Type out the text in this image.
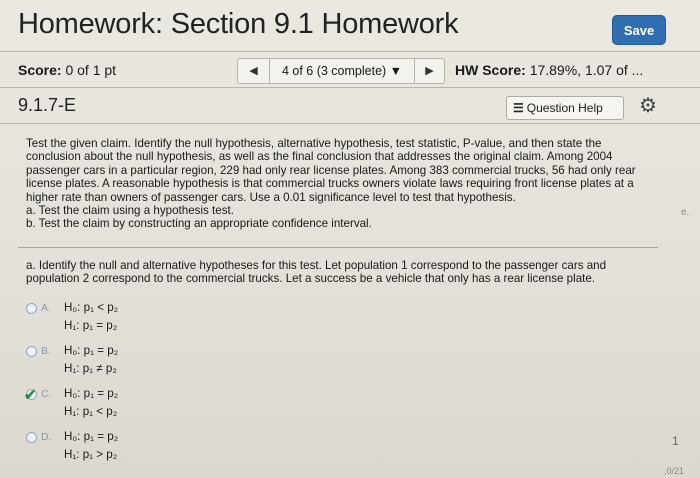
Homework: Section 9.1 Homework	Save
Score: 0 of 1 pt	◀	4 of 6 (3 complete) ▼	▶	HW Score: 17.89%, 1.07 of ...
9.1.7-E	☰ Question Help	⚙
Test the given claim. Identify the null hypothesis, alternative hypothesis, test statistic, P-value, and then state the conclusion about the null hypothesis, as well as the final conclusion that addresses the original claim. Among 2004 passenger cars in a particular region, 229 had only rear license plates. Among 383 commercial trucks, 56 had only rear license plates. A reasonable hypothesis is that commercial trucks owners violate laws requiring front license plates at a higher rate than owners of passenger cars. Use a 0.01 significance level to test that hypothesis.
a. Test the claim using a hypothesis test.
b. Test the claim by constructing an appropriate confidence interval.
a. Identify the null and alternative hypotheses for this test. Let population 1 correspond to the passenger cars and population 2 correspond to the commercial trucks. Let a success be a vehicle that only has a rear license plate.
A. H₀: p₁ < p₂
H₁: p₁ = p₂
B. H₀: p₁ = p₂
H₁: p₁ ≠ p₂
✔ C. H₀: p₁ = p₂
H₁: p₁ < p₂
D. H₀: p₁ = p₂
H₁: p₁ > p₂
e.
1
,0/21
